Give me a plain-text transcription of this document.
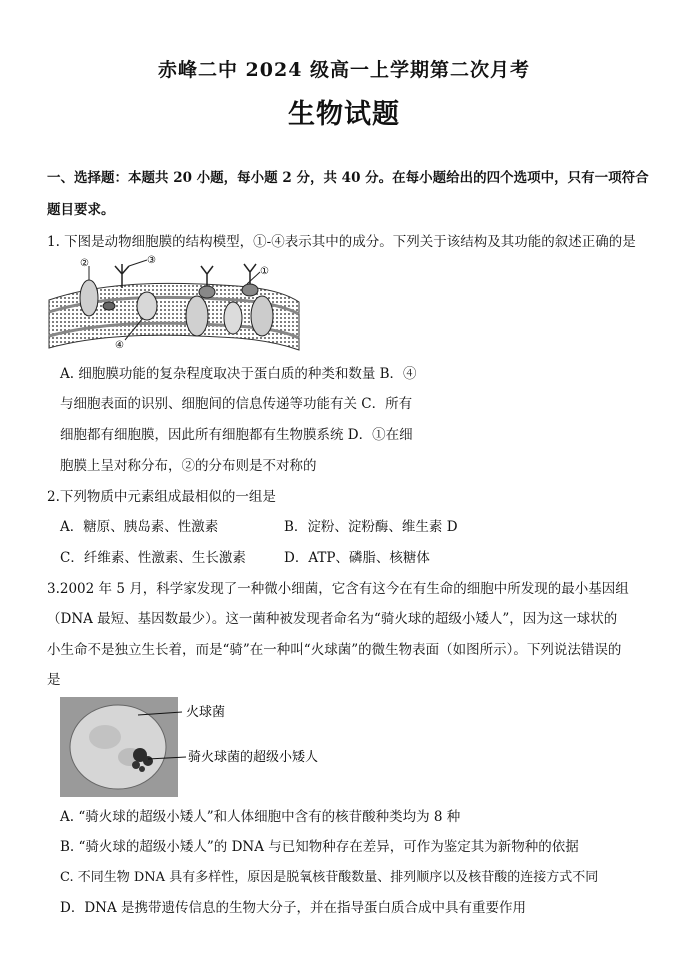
赤峰二中 2024 级高一上学期第二次月考
生物试题
一、选择题：本题共 20 小题，每小题 2 分，共 40 分。在每小题给出的四个选项中，只有一项符合
题目要求。
1. 下图是动物细胞膜的结构模型，①-④表示其中的成分。下列关于该结构及其功能的叙述正确的是
②	③
①
④
A. 细胞膜功能的复杂程度取决于蛋白质的种类和数量 B．④
与细胞表面的识别、细胞间的信息传递等功能有关 C．所有
细胞都有细胞膜，因此所有细胞都有生物膜系统 D．①在细
胞膜上呈对称分布，②的分布则是不对称的
2.下列物质中元素组成最相似的一组是
A．糖原、胰岛素、性激素	B．淀粉、淀粉酶、维生素 D
C．纤维素、性激素、生长激素	D．ATP、磷脂、核糖体
3.2002 年 5 月，科学家发现了一种微小细菌，它含有这今在有生命的细胞中所发现的最小基因组
（DNA 最短、基因数最少）。这一菌种被发现者命名为“骑火球的超级小矮人”，因为这一球状的
小生命不是独立生长着，而是“骑”在一种叫“火球菌”的微生物表面（如图所示）。下列说法错误的
是
火球菌
骑火球菌的超级小矮人
A. “骑火球的超级小矮人”和人体细胞中含有的核苷酸种类均为 8 种
B. “骑火球的超级小矮人”的 DNA 与已知物种存在差异，可作为鉴定其为新物种的依据
C. 不同生物 DNA 具有多样性，原因是脱氧核苷酸数量、排列顺序以及核苷酸的连接方式不同
D．DNA 是携带遗传信息的生物大分子，并在指导蛋白质合成中具有重要作用
